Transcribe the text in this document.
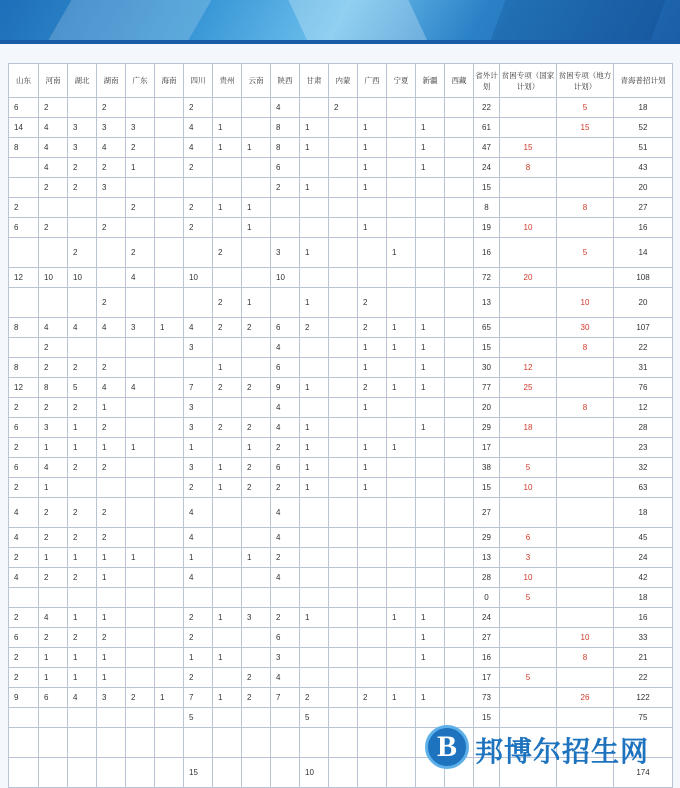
山东	河南	湖北	湖南	广东	海南	四川	贵州	云南	陕西	甘肃	内蒙	广西	宁夏	新疆	西藏	省外计划	贫困专项（国家计划）	贫困专项（地方计划）	青海普招计划
6	2		2			2			4		2					22		5	18
14	4	3	3	3		4	1		8	1		1		1		61		15	52
8	4	3	4	2		4	1	1	8	1		1		1		47	15		51
	4	2	2	1		2			6			1		1		24	8		43
	2	2	3						2	1		1				15			20
2				2		2	1	1								8		8	27
6	2		2			2		1				1				19	10		16
		2		2			2		3	1			1			16		5	14
12	10	10		4		10			10							72	20		108
			2				2	1		1		2				13		10	20
8	4	4	4	3	1	4	2	2	6	2		2	1	1		65		30	107
	2					3			4			1	1	1		15		8	22
8	2	2	2				1		6			1		1		30	12		31
12	8	5	4	4		7	2	2	9	1		2	1	1		77	25		76
2	2	2	1			3			4			1				20		8	12
6	3	1	2			3	2	2	4	1				1		29	18		28
2	1	1	1	1		1		1	2	1		1	1			17			23
6	4	2	2			3	1	2	6	1		1				38	5		32
2	1					2	1	2	2	1		1				15	10		63
4	2	2	2			4			4							27			18
4	2	2	2			4			4							29	6		45
2	1	1	1	1		1		1	2							13	3		24
4	2	2	1			4			4							28	10		42
																0	5		18
2	4	1	1			2	1	3	2	1			1	1		24			16
6	2	2	2			2			6					1		27		10	33
2	1	1	1			1	1		3					1		16		8	21
2	1	1	1			2		2	4							17	5		22
9	6	4	3	2	1	7	1	2	7	2		2	1	1		73		26	122
						5				5						15			75

						15				10									174
B 邦博尔招生网
